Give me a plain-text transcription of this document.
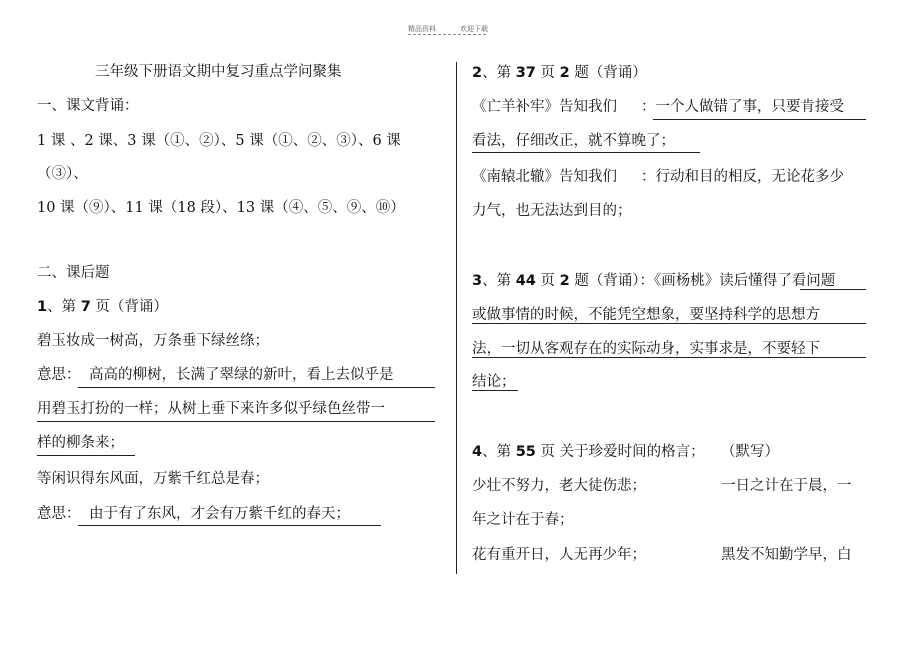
精品资料	欢迎下载
三年级下册语文期中复习重点学问聚集
一、课文背诵：
1 课 、2 课、3 课（①、②）、5 课（①、②、③）、6 课
（③）、
10 课（⑨）、11 课（18 段）、13 课（④、⑤、⑨、⑩）
二、课后题
1、第 7 页（背诵）
碧玉妆成一树高，万条垂下绿丝绦；
意思： 高高的柳树，长满了翠绿的新叶，看上去似乎是
用碧玉打扮的一样；从树上垂下来许多似乎绿色丝带一
样的柳条来；
等闲识得东风面，万紫千红总是春；
意思： 由于有了东风，才会有万紫千红的春天；
2、第 37 页 2 题（背诵）
《亡羊补牢》告知我们 ：一个人做错了事，只要肯接受
看法，仔细改正，就不算晚了；
《南辕北辙》告知我们 ：行动和目的相反，无论花多少
力气，也无法达到目的；
3、第 44 页 2 题（背诵）：《画杨桃》读后懂得了看问题
或做事情的时候，不能凭空想象，要坚持科学的思想方
法，一切从客观存在的实际动身，实事求是，不要轻下
结论；
4、第 55 页 关于珍爱时间的格言； （默写）
少壮不努力，老大徒伤悲；	一日之计在于晨，一
年之计在于春；
花有重开日，人无再少年；	黑发不知勤学早，白
